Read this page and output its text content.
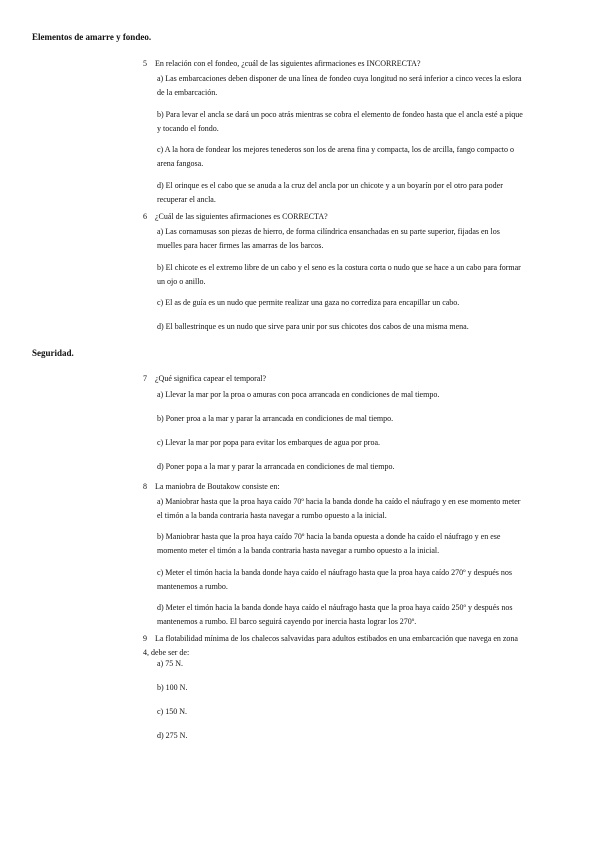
Elementos de amarre y fondeo.
5 En relación con el fondeo, ¿cuál de las siguientes afirmaciones es INCORRECTA?
a) Las embarcaciones deben disponer de una línea de fondeo cuya longitud no será inferior a cinco veces la eslora de la embarcación.
b) Para levar el ancla se dará un poco atrás mientras se cobra el elemento de fondeo hasta que el ancla esté a pique y tocando el fondo.
c) A la hora de fondear los mejores tenederos son los de arena fina y compacta, los de arcilla, fango compacto o arena fangosa.
d) El orinque es el cabo que se anuda a la cruz del ancla por un chicote y a un boyarín por el otro para poder recuperar el ancla.
6 ¿Cuál de las siguientes afirmaciones es CORRECTA?
a) Las cornamusas son piezas de hierro, de forma cilíndrica ensanchadas en su parte superior, fijadas en los muelles para hacer firmes las amarras de los barcos.
b) El chicote es el extremo libre de un cabo y el seno es la costura corta o nudo que se hace a un cabo para formar un ojo o anillo.
c) El as de guía es un nudo que permite realizar una gaza no corrediza para encapillar un cabo.
d) El ballestrinque es un nudo que sirve para unir por sus chicotes dos cabos de una misma mena.
Seguridad.
7 ¿Qué significa capear el temporal?
a) Llevar la mar por la proa o amuras con poca arrancada en condiciones de mal tiempo.
b) Poner proa a la mar y parar la arrancada en condiciones de mal tiempo.
c) Llevar la mar por popa para evitar los embarques de agua por proa.
d) Poner popa a la mar y parar la arrancada en condiciones de mal tiempo.
8 La maniobra de Boutakow consiste en:
a) Maniobrar hasta que la proa haya caído 70º hacia la banda donde ha caído el náufrago y en ese momento meter el timón a la banda contraria hasta navegar a rumbo opuesto a la inicial.
b) Maniobrar hasta que la proa haya caído 70º hacia la banda opuesta a donde ha caído el náufrago y en ese momento meter el timón a la banda contraria hasta navegar a rumbo opuesto a la inicial.
c) Meter el timón hacia la banda donde haya caído el náufrago hasta que la proa haya caído 270º y después nos mantenemos a rumbo.
d) Meter el timón hacia la banda donde haya caído el náufrago hasta que la proa haya caído 250º y después nos mantenemos a rumbo. El barco seguirá cayendo por inercia hasta lograr los 270º.
9 La flotabilidad mínima de los chalecos salvavidas para adultos estibados en una embarcación que navega en zona 4, debe ser de:
a) 75 N.
b) 100 N.
c) 150 N.
d) 275 N.
